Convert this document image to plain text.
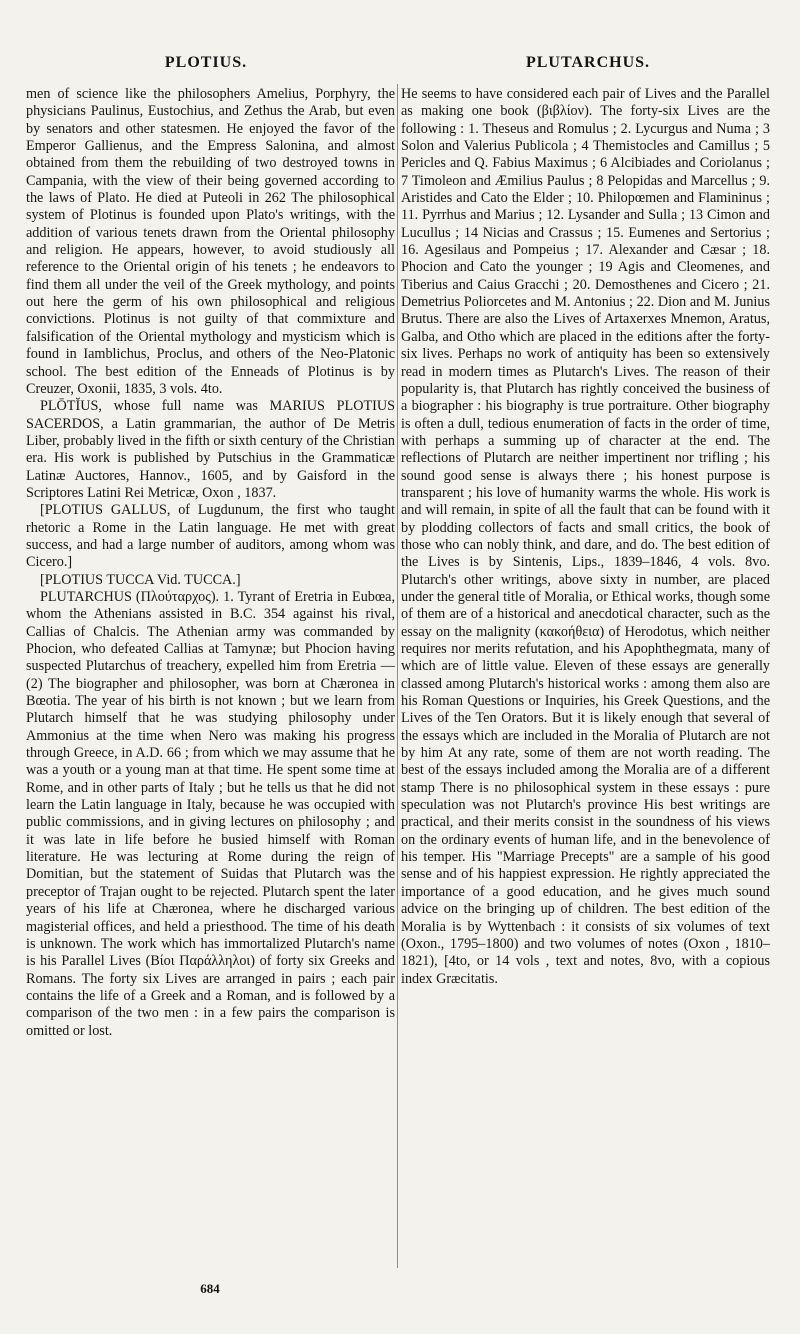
PLOTIUS.	PLUTARCHUS.

men of science like the philosophers Amelius, Porphyry, the physicians Paulinus, Eustochius, and Zethus the Arab, but even by senators and other statesmen. He enjoyed the favor of the Emperor Gallienus, and the Empress Salonina, and almost obtained from them the rebuilding of two destroyed towns in Campania, with the view of their being governed according to the laws of Plato. He died at Puteoli in 262 The philosophical system of Plotinus is founded upon Plato's writings, with the addition of various tenets drawn from the Oriental philosophy and religion. He appears, however, to avoid studiously all reference to the Oriental origin of his tenets ; he endeavors to find them all under the veil of the Greek mythology, and points out here the germ of his own philosophical and religious convictions. Plotinus is not guilty of that commixture and falsification of the Oriental mythology and mysticism which is found in Iamblichus, Proclus, and others of the Neo-Platonic school. The best edition of the Enneads of Plotinus is by Creuzer, Oxonii, 1835, 3 vols. 4to.

PLŌTĬUS, whose full name was MARIUS PLOTIUS SACERDOS, a Latin grammarian, the author of De Metris Liber, probably lived in the fifth or sixth century of the Christian era. His work is published by Putschius in the Grammaticæ Latinæ Auctores, Hannov., 1605, and by Gaisford in the Scriptores Latini Rei Metricæ, Oxon , 1837.

[PLOTIUS GALLUS, of Lugdunum, the first who taught rhetoric a Rome in the Latin language. He met with great success, and had a large number of auditors, among whom was Cicero.]

[PLOTIUS TUCCA Vid. TUCCA.]

PLUTARCHUS (Πλούταρχος). 1. Tyrant of Eretria in Eubœa, whom the Athenians assisted in B.C. 354 against his rival, Callias of Chalcis. The Athenian army was commanded by Phocion, who defeated Callias at Tamynæ; but Phocion having suspected Plutarchus of treachery, expelled him from Eretria —(2) The biographer and philosopher, was born at Chæronea in Bœotia. The year of his birth is not known ; but we learn from Plutarch himself that he was studying philosophy under Ammonius at the time when Nero was making his progress through Greece, in A.D. 66 ; from which we may assume that he was a youth or a young man at that time. He spent some time at Rome, and in other parts of Italy ; but he tells us that he did not learn the Latin language in Italy, because he was occupied with public commissions, and in giving lectures on philosophy ; and it was late in life before he busied himself with Roman literature. He was lecturing at Rome during the reign of Domitian, but the statement of Suidas that Plutarch was the preceptor of Trajan ought to be rejected. Plutarch spent the later years of his life at Chæronea, where he discharged various magisterial offices, and held a priesthood. The time of his death is unknown. The work which has immortalized Plutarch's name is his Parallel Lives (Βίοι Παράλληλοι) of forty six Greeks and Romans. The forty six Lives are arranged in pairs ; each pair contains the life of a Greek and a Roman, and is followed by a comparison of the two men : in a few pairs the comparison is omitted or lost.

He seems to have considered each pair of Lives and the Parallel as making one book (βιβλίον). The forty-six Lives are the following : 1. Theseus and Romulus ; 2. Lycurgus and Numa ; 3 Solon and Valerius Publicola ; 4 Themistocles and Camillus ; 5 Pericles and Q. Fabius Maximus ; 6 Alcibiades and Coriolanus ; 7 Timoleon and Æmilius Paulus ; 8 Pelopidas and Marcellus ; 9. Aristides and Cato the Elder ; 10. Philopœmen and Flamininus ; 11. Pyrrhus and Marius ; 12. Lysander and Sulla ; 13 Cimon and Lucullus ; 14 Nicias and Crassus ; 15. Eumenes and Sertorius ; 16. Agesilaus and Pompeius ; 17. Alexander and Cæsar ; 18. Phocion and Cato the younger ; 19 Agis and Cleomenes, and Tiberius and Caius Gracchi ; 20. Demosthenes and Cicero ; 21. Demetrius Poliorcetes and M. Antonius ; 22. Dion and M. Junius Brutus. There are also the Lives of Artaxerxes Mnemon, Aratus, Galba, and Otho which are placed in the editions after the forty-six lives. Perhaps no work of antiquity has been so extensively read in modern times as Plutarch's Lives. The reason of their popularity is, that Plutarch has rightly conceived the business of a biographer : his biography is true portraiture. Other biography is often a dull, tedious enumeration of facts in the order of time, with perhaps a summing up of character at the end. The reflections of Plutarch are neither impertinent nor trifling ; his sound good sense is always there ; his honest purpose is transparent ; his love of humanity warms the whole. His work is and will remain, in spite of all the fault that can be found with it by plodding collectors of facts and small critics, the book of those who can nobly think, and dare, and do. The best edition of the Lives is by Sintenis, Lips., 1839–1846, 4 vols. 8vo. Plutarch's other writings, above sixty in number, are placed under the general title of Moralia, or Ethical works, though some of them are of a historical and anecdotical character, such as the essay on the malignity (κακοήθεια) of Herodotus, which neither requires nor merits refutation, and his Apophthegmata, many of which are of little value. Eleven of these essays are generally classed among Plutarch's historical works : among them also are his Roman Questions or Inquiries, his Greek Questions, and the Lives of the Ten Orators. But it is likely enough that several of the essays which are included in the Moralia of Plutarch are not by him At any rate, some of them are not worth reading. The best of the essays included among the Moralia are of a different stamp There is no philosophical system in these essays : pure speculation was not Plutarch's province His best writings are practical, and their merits consist in the soundness of his views on the ordinary events of human life, and in the benevolence of his temper. His "Marriage Precepts" are a sample of his good sense and of his happiest expression. He rightly appreciated the importance of a good education, and he gives much sound advice on the bringing up of children. The best edition of the Moralia is by Wyttenbach : it consists of six volumes of text (Oxon., 1795–1800) and two volumes of notes (Oxon , 1810–1821), [4to, or 14 vols , text and notes, 8vo, with a copious index Græcitatis.

684
